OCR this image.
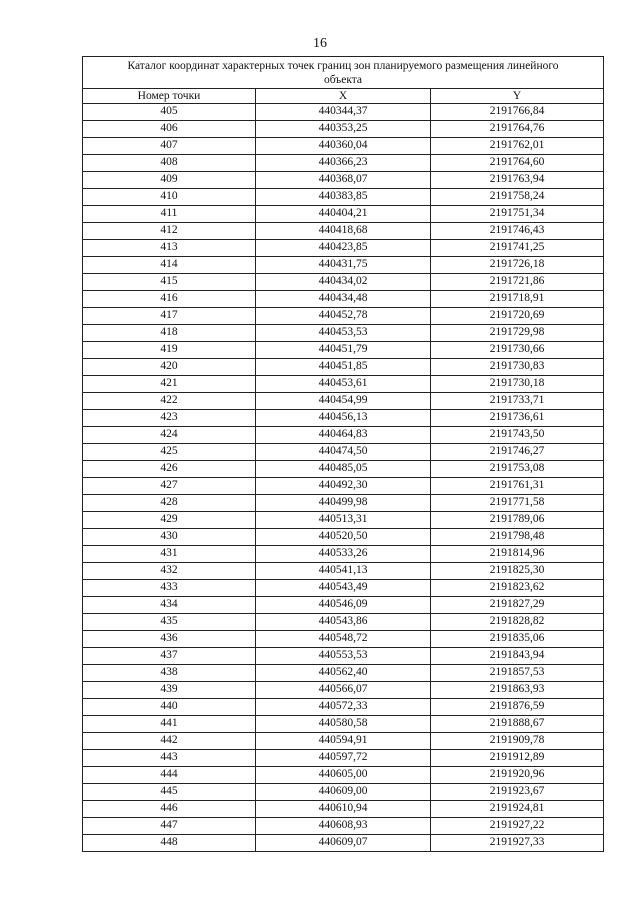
16
Каталог координат характерных точек границ зон планируемого размещения линейного объекта		
Номер точки	X	Y
405	440344,37	2191766,84
406	440353,25	2191764,76
407	440360,04	2191762,01
408	440366,23	2191764,60
409	440368,07	2191763,94
410	440383,85	2191758,24
411	440404,21	2191751,34
412	440418,68	2191746,43
413	440423,85	2191741,25
414	440431,75	2191726,18
415	440434,02	2191721,86
416	440434,48	2191718,91
417	440452,78	2191720,69
418	440453,53	2191729,98
419	440451,79	2191730,66
420	440451,85	2191730,83
421	440453,61	2191730,18
422	440454,99	2191733,71
423	440456,13	2191736,61
424	440464,83	2191743,50
425	440474,50	2191746,27
426	440485,05	2191753,08
427	440492,30	2191761,31
428	440499,98	2191771,58
429	440513,31	2191789,06
430	440520,50	2191798,48
431	440533,26	2191814,96
432	440541,13	2191825,30
433	440543,49	2191823,62
434	440546,09	2191827,29
435	440543,86	2191828,82
436	440548,72	2191835,06
437	440553,53	2191843,94
438	440562,40	2191857,53
439	440566,07	2191863,93
440	440572,33	2191876,59
441	440580,58	2191888,67
442	440594,91	2191909,78
443	440597,72	2191912,89
444	440605,00	2191920,96
445	440609,00	2191923,67
446	440610,94	2191924,81
447	440608,93	2191927,22
448	440609,07	2191927,33
